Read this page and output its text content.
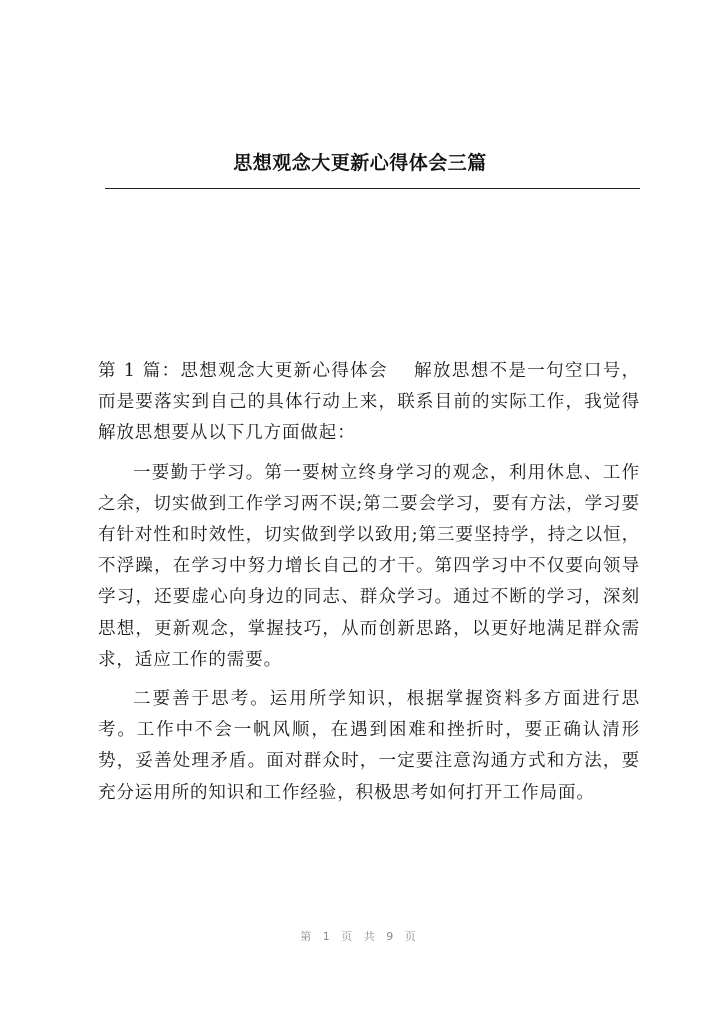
思想观念大更新心得体会三篇

第 1 篇：思想观念大更新心得体会 解放思想不是一句空口号，而是要落实到自己的具体行动上来，联系目前的实际工作，我觉得解放思想要从以下几方面做起：

一要勤于学习。第一要树立终身学习的观念，利用休息、工作之余，切实做到工作学习两不误;第二要会学习，要有方法，学习要有针对性和时效性，切实做到学以致用;第三要坚持学，持之以恒，不浮躁，在学习中努力增长自己的才干。第四学习中不仅要向领导学习，还要虚心向身边的同志、群众学习。通过不断的学习，深刻思想，更新观念，掌握技巧，从而创新思路，以更好地满足群众需求，适应工作的需要。

二要善于思考。运用所学知识，根据掌握资料多方面进行思考。工作中不会一帆风顺，在遇到困难和挫折时，要正确认清形势，妥善处理矛盾。面对群众时，一定要注意沟通方式和方法，要充分运用所的知识和工作经验，积极思考如何打开工作局面。

第 1 页 共 9 页
